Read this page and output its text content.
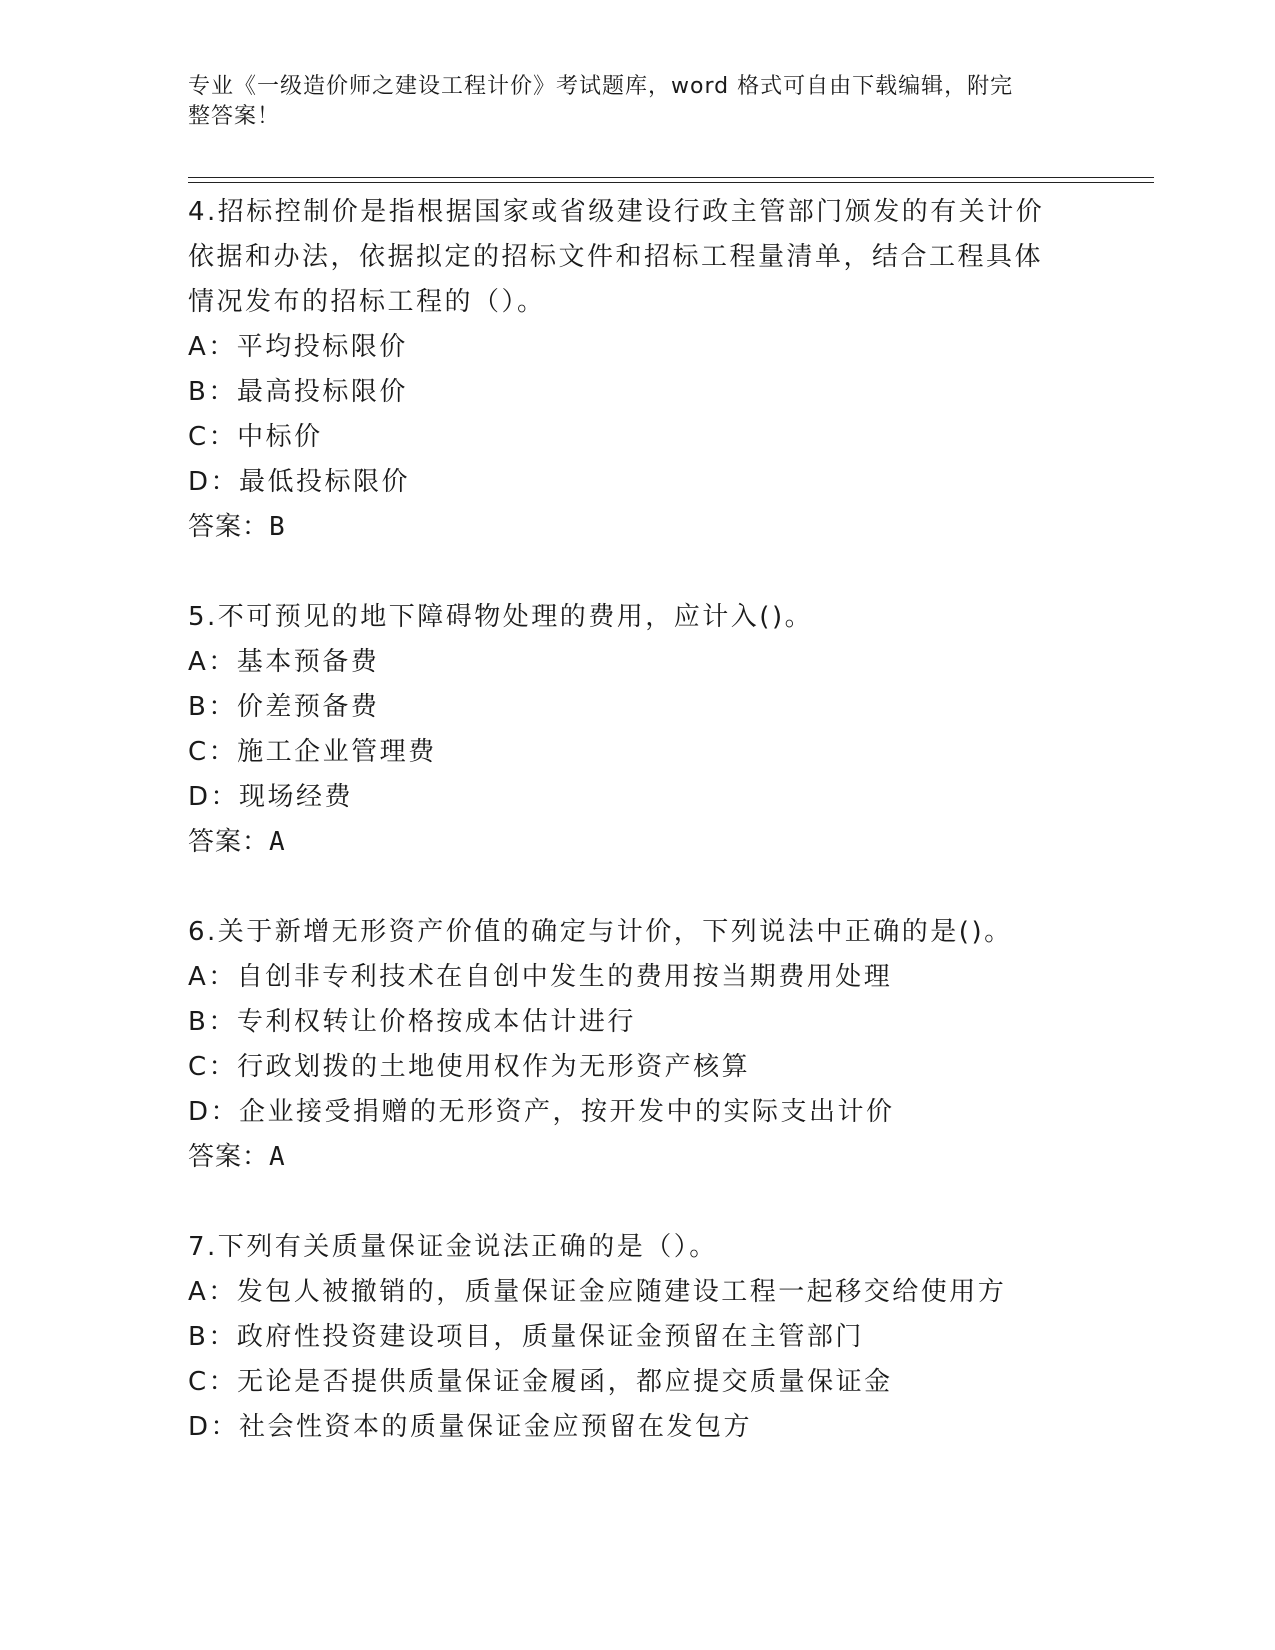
专业《一级造价师之建设工程计价》考试题库，word 格式可自由下载编辑，附完
整答案！
4.招标控制价是指根据国家或省级建设行政主管部门颁发的有关计价
依据和办法，依据拟定的招标文件和招标工程量清单，结合工程具体
情况发布的招标工程的（）。
A：平均投标限价
B：最高投标限价
C：中标价
D：最低投标限价
答案：B
5.不可预见的地下障碍物处理的费用，应计入()。
A：基本预备费
B：价差预备费
C：施工企业管理费
D：现场经费
答案：A
6.关于新增无形资产价值的确定与计价，下列说法中正确的是()。
A：自创非专利技术在自创中发生的费用按当期费用处理
B：专利权转让价格按成本估计进行
C：行政划拨的土地使用权作为无形资产核算
D：企业接受捐赠的无形资产，按开发中的实际支出计价
答案：A
7.下列有关质量保证金说法正确的是（）。
A：发包人被撤销的，质量保证金应随建设工程一起移交给使用方
B：政府性投资建设项目，质量保证金预留在主管部门
C：无论是否提供质量保证金履函，都应提交质量保证金
D：社会性资本的质量保证金应预留在发包方
